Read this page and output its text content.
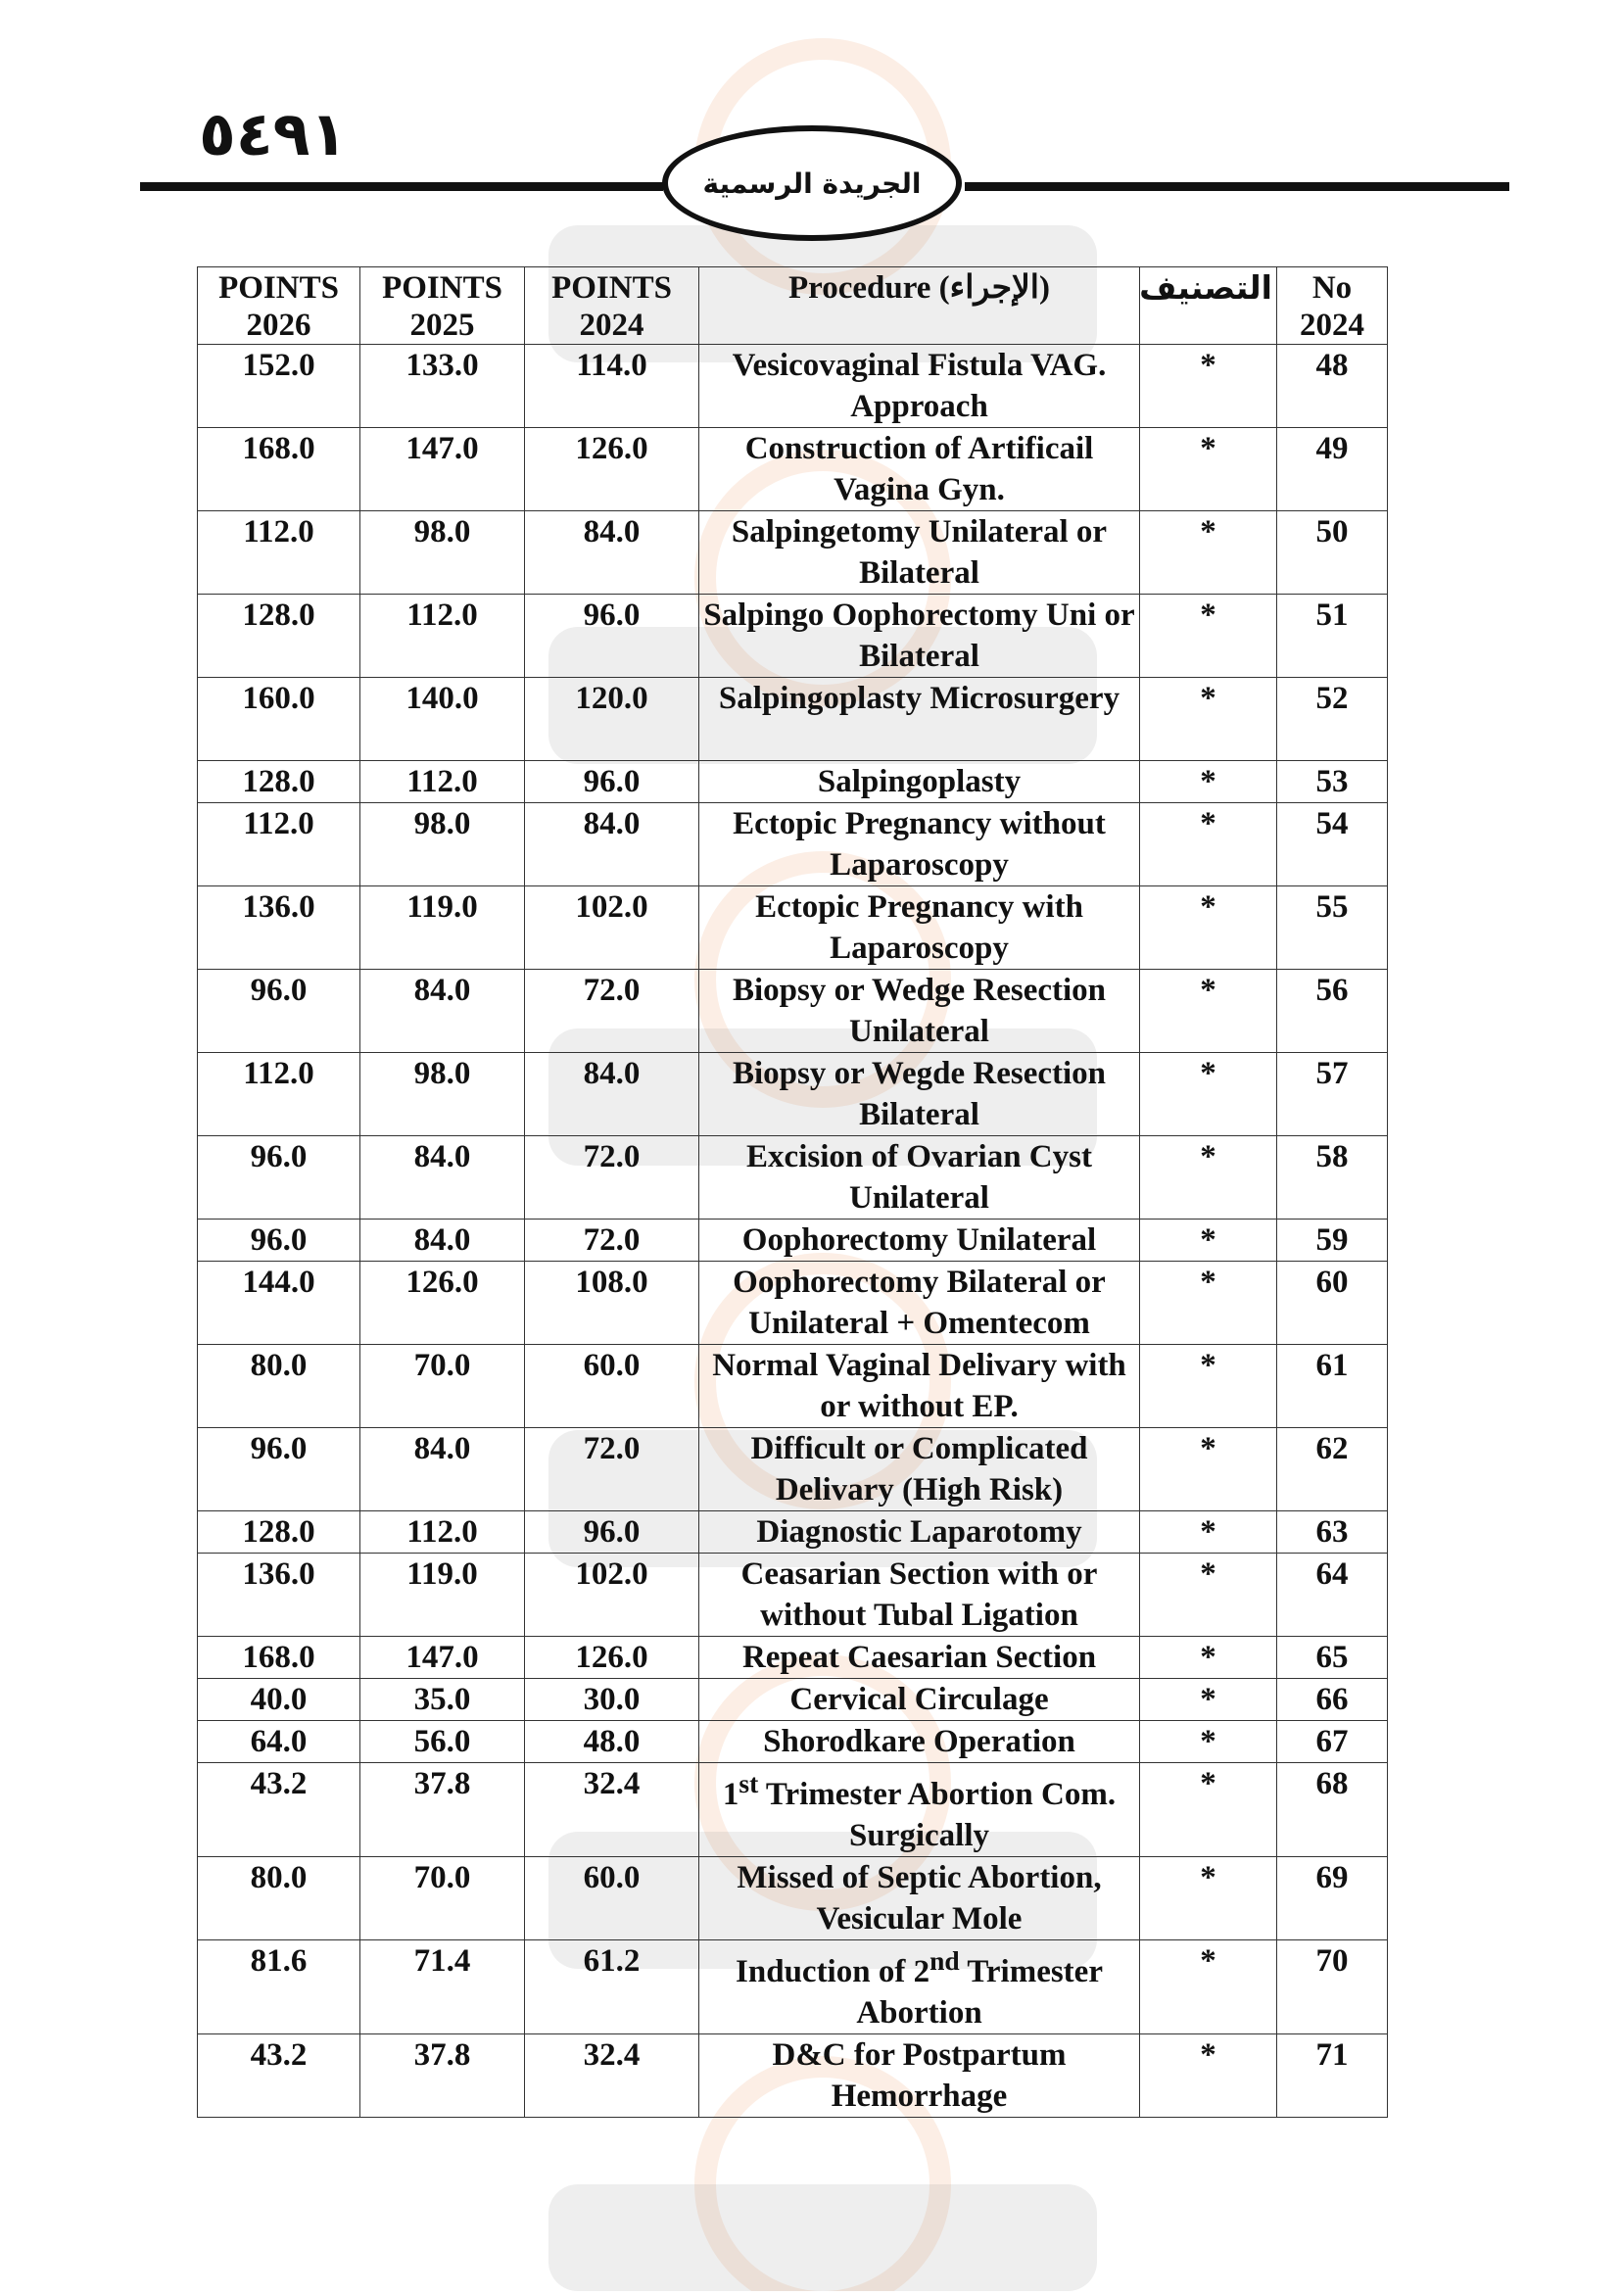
٥٤٩١
الجريدة الرسمية
POINTS 2026	POINTS 2025	POINTS 2024	Procedure (الإجراء)	التصنيف	No 2024
152.0	133.0	114.0	Vesicovaginal Fistula VAG. Approach	*	48
168.0	147.0	126.0	Construction of Artificail Vagina Gyn.	*	49
112.0	98.0	84.0	Salpingetomy Unilateral or Bilateral	*	50
128.0	112.0	96.0	Salpingo Oophorectomy Uni or Bilateral	*	51
160.0	140.0	120.0	Salpingoplasty Microsurgery	*	52
128.0	112.0	96.0	Salpingoplasty	*	53
112.0	98.0	84.0	Ectopic Pregnancy without Laparoscopy	*	54
136.0	119.0	102.0	Ectopic Pregnancy with Laparoscopy	*	55
96.0	84.0	72.0	Biopsy or Wedge Resection Unilateral	*	56
112.0	98.0	84.0	Biopsy or Wegde Resection Bilateral	*	57
96.0	84.0	72.0	Excision of Ovarian Cyst Unilateral	*	58
96.0	84.0	72.0	Oophorectomy Unilateral	*	59
144.0	126.0	108.0	Oophorectomy Bilateral or Unilateral + Omentecom	*	60
80.0	70.0	60.0	Normal Vaginal Delivary with or without EP.	*	61
96.0	84.0	72.0	Difficult or Complicated Delivary (High Risk)	*	62
128.0	112.0	96.0	Diagnostic Laparotomy	*	63
136.0	119.0	102.0	Ceasarian Section with or without Tubal Ligation	*	64
168.0	147.0	126.0	Repeat Caesarian Section	*	65
40.0	35.0	30.0	Cervical Circulage	*	66
64.0	56.0	48.0	Shorodkare Operation	*	67
43.2	37.8	32.4	1st Trimester Abortion Com. Surgically	*	68
80.0	70.0	60.0	Missed of Septic Abortion, Vesicular Mole	*	69
81.6	71.4	61.2	Induction of 2nd Trimester Abortion	*	70
43.2	37.8	32.4	D&C for Postpartum Hemorrhage	*	71
